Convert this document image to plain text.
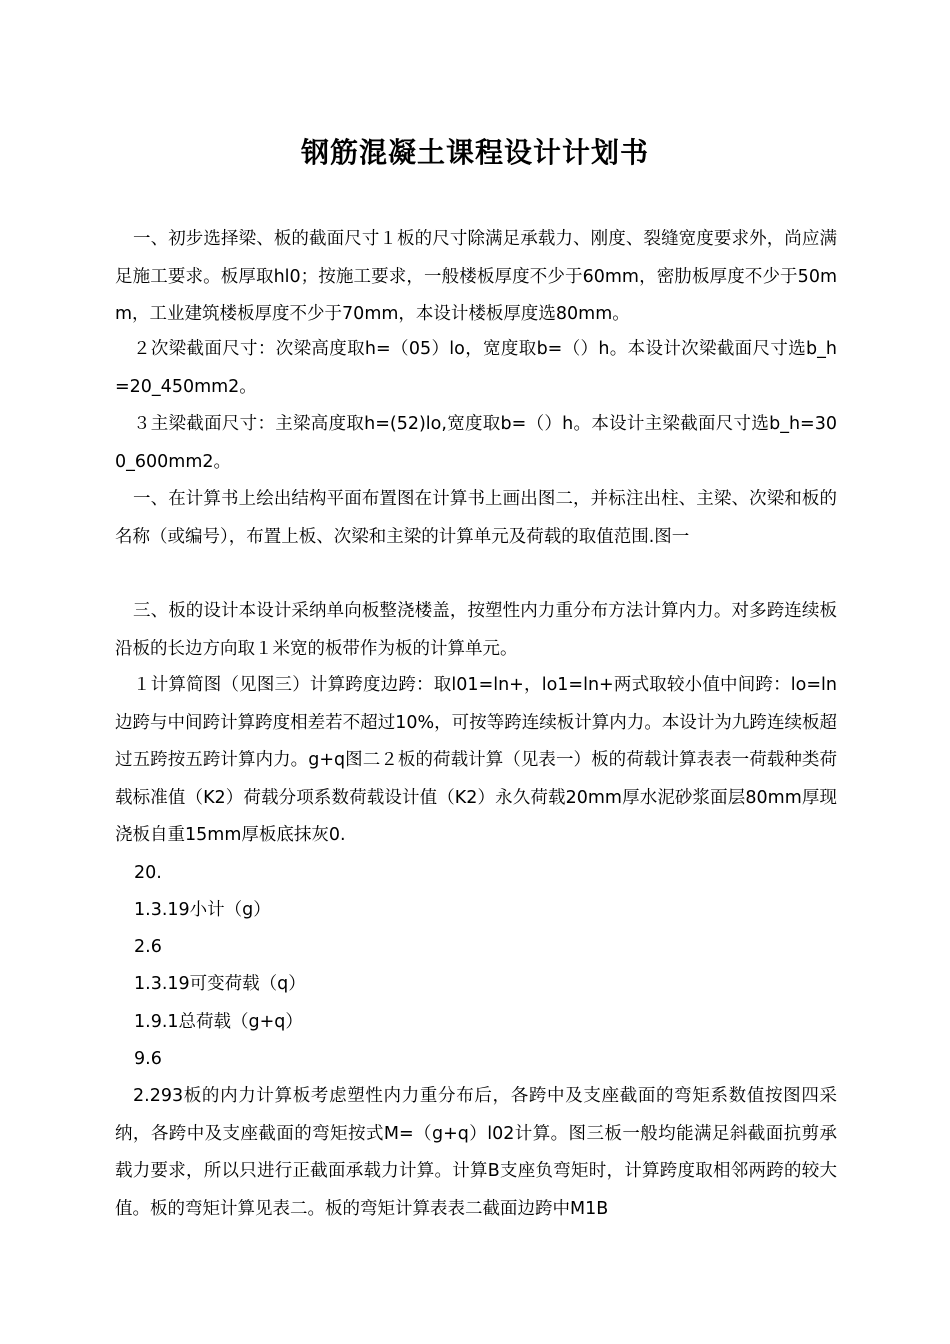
钢筋混凝土课程设计计划书

一、初步选择梁、板的截面尺寸１板的尺寸除满足承载力、刚度、裂缝宽度要求外，尚应满足施工要求。板厚取hl0；按施工要求，一般楼板厚度不少于60mm，密肋板厚度不少于50mm，工业建筑楼板厚度不少于70mm，本设计楼板厚度选80mm。

２次梁截面尺寸：次梁高度取h=（05）lo，宽度取b=（）h。本设计次梁截面尺寸选b_h=20_450mm2。

３主梁截面尺寸：主梁高度取h=(52)lo,宽度取b=（）h。本设计主梁截面尺寸选b_h=300_600mm2。

一、在计算书上绘出结构平面布置图在计算书上画出图二，并标注出柱、主梁、次梁和板的名称（或编号），布置上板、次梁和主梁的计算单元及荷载的取值范围.图一

三、板的设计本设计采纳单向板整浇楼盖，按塑性内力重分布方法计算内力。对多跨连续板沿板的长边方向取１米宽的板带作为板的计算单元。

１计算简图（见图三）计算跨度边跨：取l01=ln+，lo1=ln+两式取较小值中间跨：lo=ln边跨与中间跨计算跨度相差若不超过10%，可按等跨连续板计算内力。本设计为九跨连续板超过五跨按五跨计算内力。g+q图二２板的荷载计算（见表一）板的荷载计算表表一荷载种类荷载标准值（K2）荷载分项系数荷载设计值（K2）永久荷载20mm厚水泥砂浆面层80mm厚现浇板自重15mm厚板底抹灰0.

20.

1.3.19小计（g）

2.6

1.3.19可变荷载（q）

1.9.1总荷载（g+q）

9.6

2.293板的内力计算板考虑塑性内力重分布后，各跨中及支座截面的弯矩系数值按图四采纳，各跨中及支座截面的弯矩按式M=（g+q）l02计算。图三板一般均能满足斜截面抗剪承载力要求，所以只进行正截面承载力计算。计算B支座负弯矩时，计算跨度取相邻两跨的较大值。板的弯矩计算见表二。板的弯矩计算表表二截面边跨中M1B
